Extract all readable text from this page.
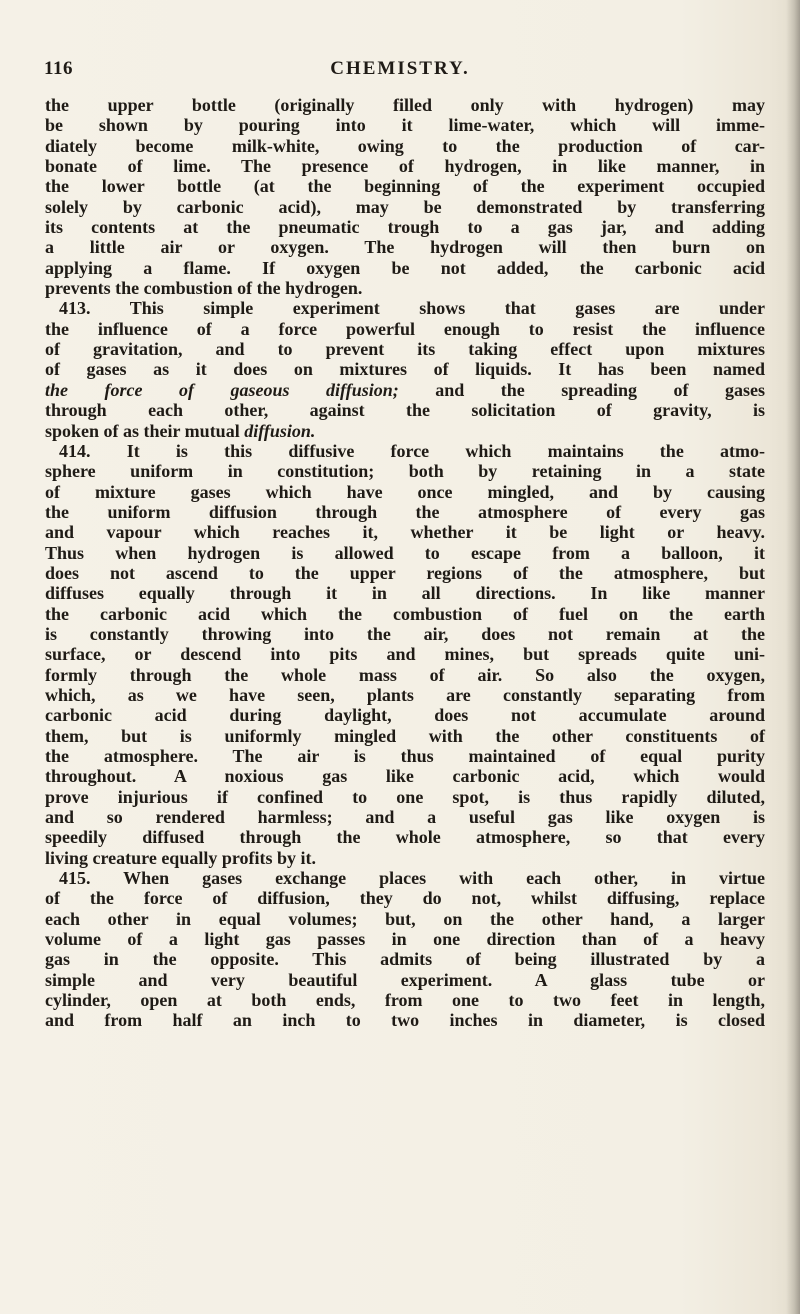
116	CHEMISTRY.
the upper bottle (originally filled only with hydrogen) may
be shown by pouring into it lime-water, which will imme-
diately become milk-white, owing to the production of car-
bonate of lime. The presence of hydrogen, in like manner, in
the lower bottle (at the beginning of the experiment occupied
solely by carbonic acid), may be demonstrated by transferring
its contents at the pneumatic trough to a gas jar, and adding
a little air or oxygen. The hydrogen will then burn on
applying a flame. If oxygen be not added, the carbonic acid
prevents the combustion of the hydrogen.
413. This simple experiment shows that gases are under
the influence of a force powerful enough to resist the influence
of gravitation, and to prevent its taking effect upon mixtures
of gases as it does on mixtures of liquids. It has been named
the force of gaseous diffusion; and the spreading of gases
through each other, against the solicitation of gravity, is
spoken of as their mutual diffusion.
414. It is this diffusive force which maintains the atmo-
sphere uniform in constitution; both by retaining in a state
of mixture gases which have once mingled, and by causing
the uniform diffusion through the atmosphere of every gas
and vapour which reaches it, whether it be light or heavy.
Thus when hydrogen is allowed to escape from a balloon, it
does not ascend to the upper regions of the atmosphere, but
diffuses equally through it in all directions. In like manner
the carbonic acid which the combustion of fuel on the earth
is constantly throwing into the air, does not remain at the
surface, or descend into pits and mines, but spreads quite uni-
formly through the whole mass of air. So also the oxygen,
which, as we have seen, plants are constantly separating from
carbonic acid during daylight, does not accumulate around
them, but is uniformly mingled with the other constituents of
the atmosphere. The air is thus maintained of equal purity
throughout. A noxious gas like carbonic acid, which would
prove injurious if confined to one spot, is thus rapidly diluted,
and so rendered harmless; and a useful gas like oxygen is
speedily diffused through the whole atmosphere, so that every
living creature equally profits by it.
415. When gases exchange places with each other, in virtue
of the force of diffusion, they do not, whilst diffusing, replace
each other in equal volumes; but, on the other hand, a larger
volume of a light gas passes in one direction than of a heavy
gas in the opposite. This admits of being illustrated by a
simple and very beautiful experiment. A glass tube or
cylinder, open at both ends, from one to two feet in length,
and from half an inch to two inches in diameter, is closed
